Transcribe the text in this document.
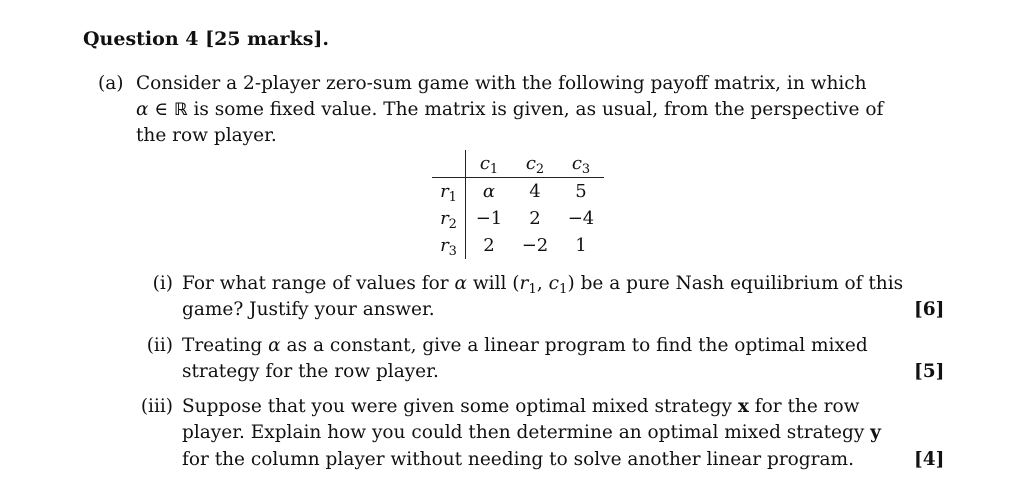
Question 4 [25 marks].
(a) Consider a 2-player zero-sum game with the following payoff matrix, in which
α ∈ ℝ is some fixed value. The matrix is given, as usual, from the perspective of
the row player.
	$c_1$	$c_2$	$c_3$
$r_1$	α	4	5
$r_2$	−1	2	−4
$r_3$	2	−2	1
(i) For what range of values for α will ($r_1$, $c_1$) be a pure Nash equilibrium of this
game? Justify your answer.	[6]
(ii) Treating α as a constant, give a linear program to find the optimal mixed
strategy for the row player.	[5]
(iii) Suppose that you were given some optimal mixed strategy x for the row
player. Explain how you could then determine an optimal mixed strategy y
for the column player without needing to solve another linear program.	[4]
